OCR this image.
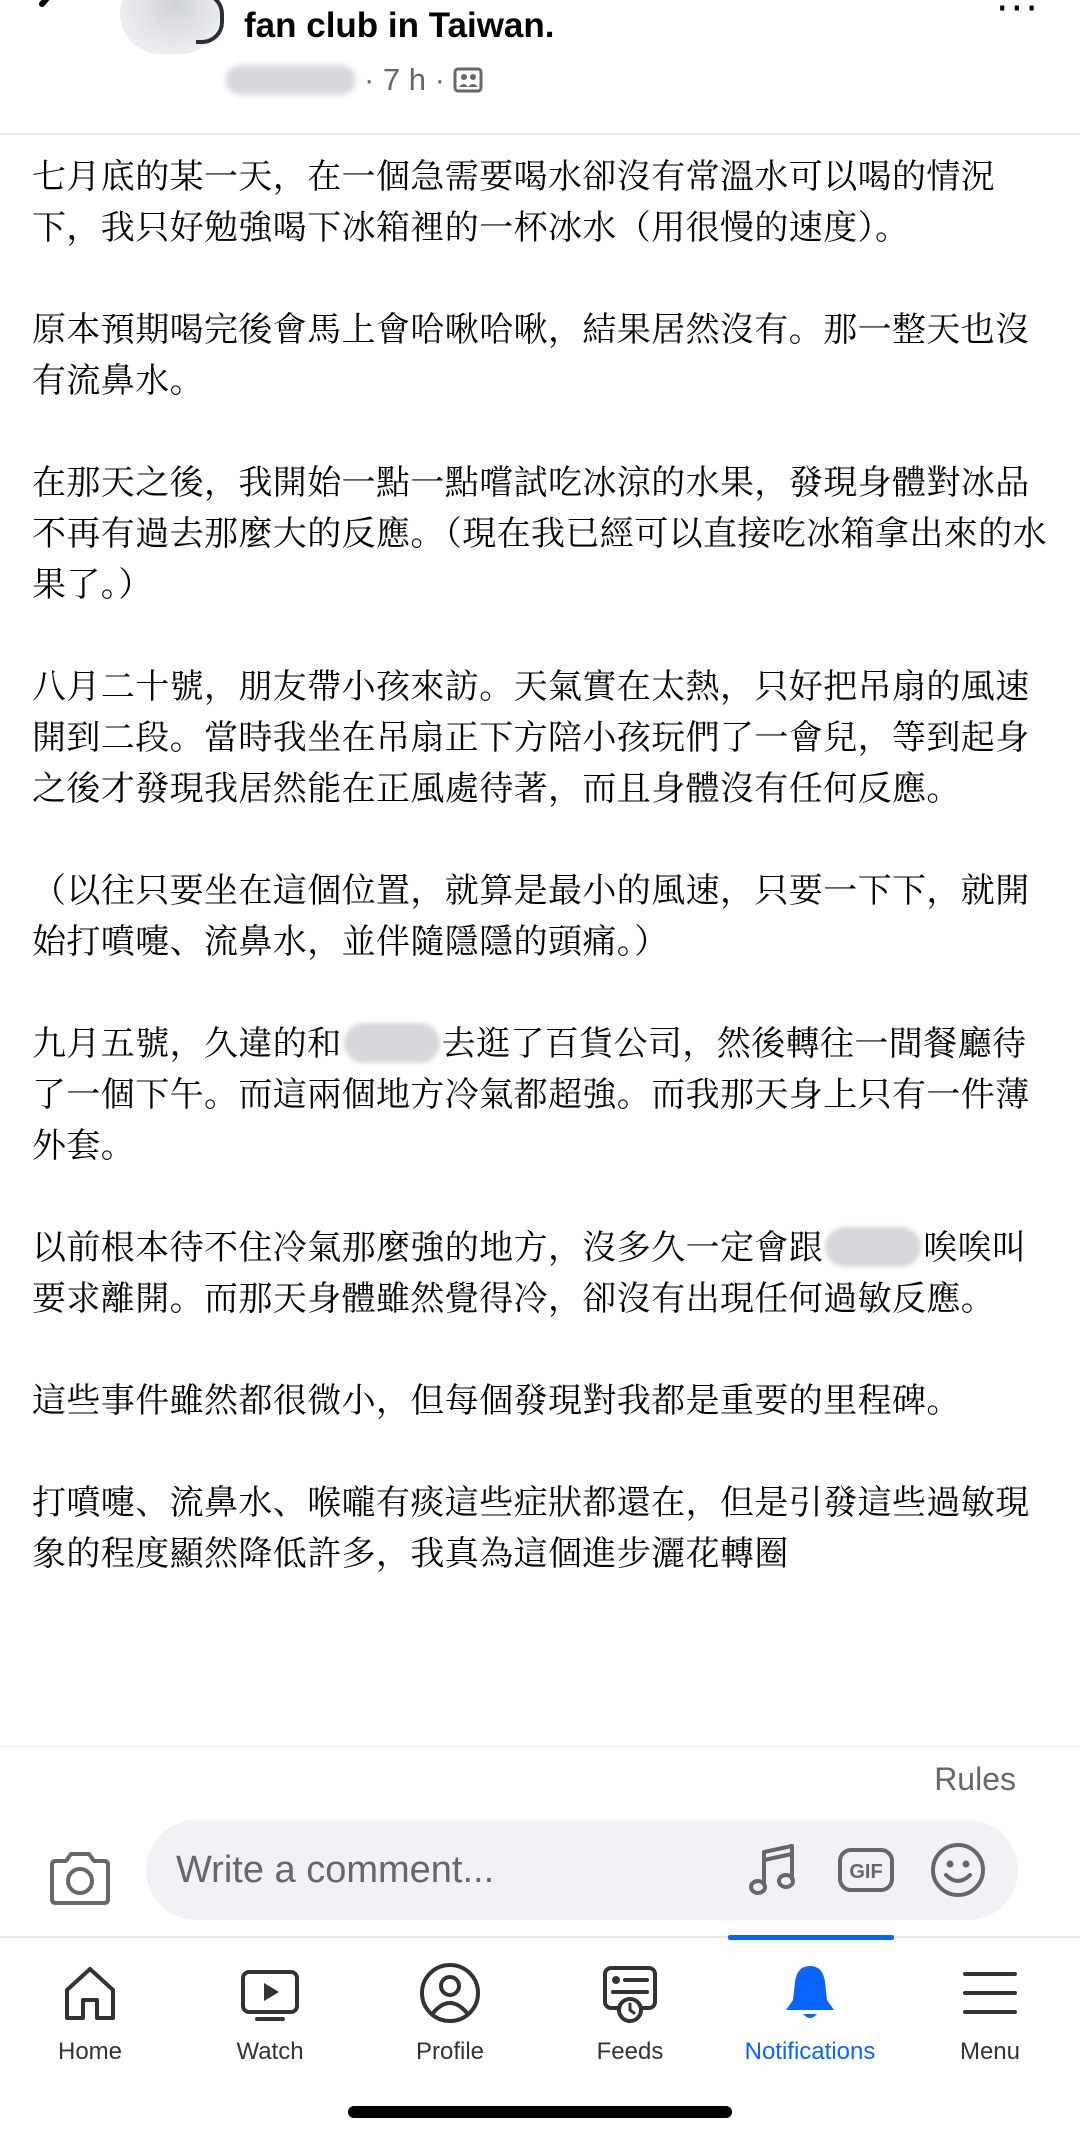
fan club in Taiwan.
· 7 h ·
···

七月底的某一天，在一個急需要喝水卻沒有常溫水可以喝的情況下，我只好勉強喝下冰箱裡的一杯冰水（用很慢的速度）。

原本預期喝完後會馬上會哈啾哈啾，結果居然沒有。那一整天也沒有流鼻水。

在那天之後，我開始一點一點嚐試吃冰涼的水果，發現身體對冰品不再有過去那麼大的反應。（現在我已經可以直接吃冰箱拿出來的水果了。）

八月二十號，朋友帶小孩來訪。天氣實在太熱，只好把吊扇的風速開到二段。當時我坐在吊扇正下方陪小孩玩們了一會兒，等到起身之後才發現我居然能在正風處待著，而且身體沒有任何反應。

（以往只要坐在這個位置，就算是最小的風速，只要一下下，就開始打噴嚏、流鼻水，並伴隨隱隱的頭痛。）

九月五號，久違的和	去逛了百貨公司，然後轉往一間餐廳待了一個下午。而這兩個地方冷氣都超強。而我那天身上只有一件薄外套。

以前根本待不住冷氣那麼強的地方，沒多久一定會跟	唉唉叫要求離開。而那天身體雖然覺得冷，卻沒有出現任何過敏反應。

這些事件雖然都很微小，但每個發現對我都是重要的里程碑。

打噴嚏、流鼻水、喉嚨有痰這些症狀都還在，但是引發這些過敏現象的程度顯然降低許多，我真為這個進步灑花轉圈

Rules
Write a comment...
GIF
Home	Watch	Profile	Feeds	Notifications	Menu
